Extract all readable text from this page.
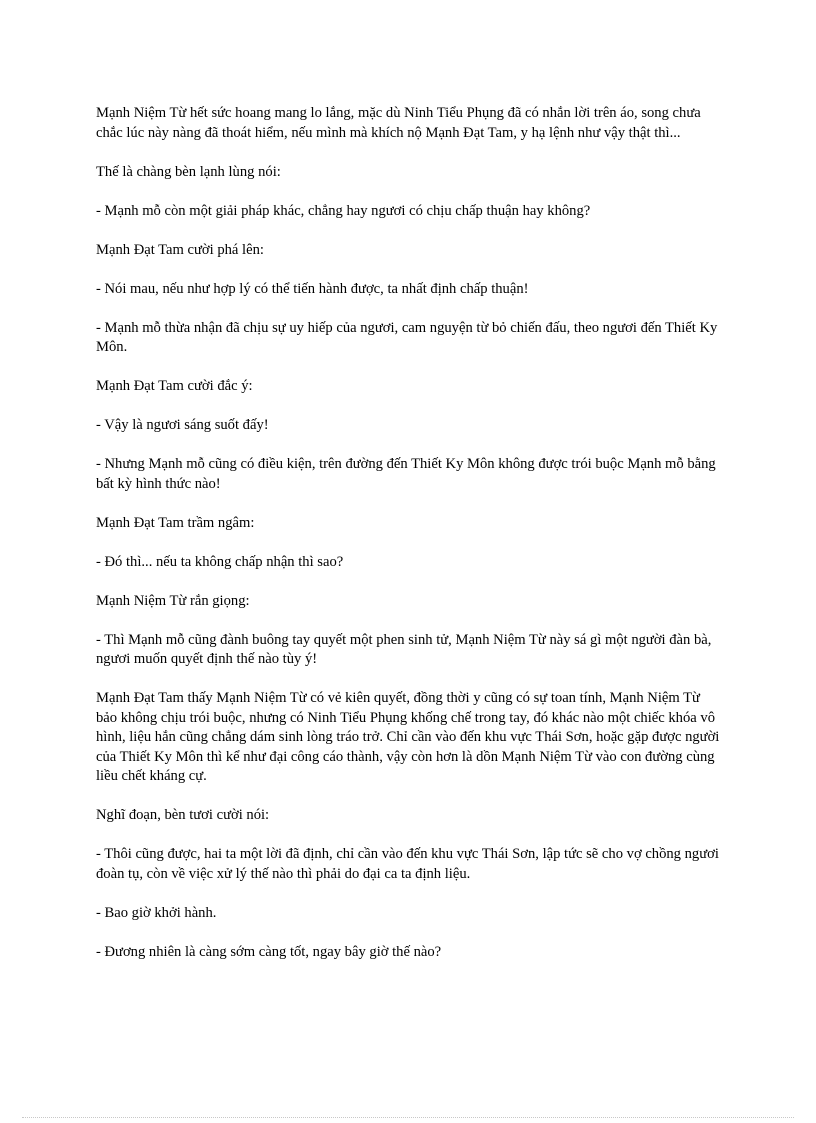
Mạnh Niệm Từ hết sức hoang mang lo lắng, mặc dù Ninh Tiểu Phụng đã có nhắn lời trên áo, song chưa chắc lúc này nàng đã thoát hiểm, nếu mình mà khích nộ Mạnh Đạt Tam, y hạ lệnh như vậy thật thì...

Thế là chàng bèn lạnh lùng nói:

- Mạnh mỗ còn một giải pháp khác, chẳng hay ngươi có chịu chấp thuận hay không?

Mạnh Đạt Tam cười phá lên:

- Nói mau, nếu như hợp lý có thể tiến hành được, ta nhất định chấp thuận!

- Mạnh mỗ thừa nhận đã chịu sự uy hiếp của ngươi, cam nguyện từ bỏ chiến đấu, theo ngươi đến Thiết Ky Môn.

Mạnh Đạt Tam cười đắc ý:

- Vậy là ngươi sáng suốt đấy!

- Nhưng Mạnh mỗ cũng có điều kiện, trên đường đến Thiết Ky Môn không được trói buộc Mạnh mỗ bằng bất kỳ hình thức nào!

Mạnh Đạt Tam trầm ngâm:

- Đó thì... nếu ta không chấp nhận thì sao?

Mạnh Niệm Từ rắn giọng:

- Thì Mạnh mỗ cũng đành buông tay quyết một phen sinh tử, Mạnh Niệm Từ này sá gì một người đàn bà, ngươi muốn quyết định thế nào tùy ý!

Mạnh Đạt Tam thấy Mạnh Niệm Từ có vẻ kiên quyết, đồng thời y cũng có sự toan tính, Mạnh Niệm Từ bảo không chịu trói buộc, nhưng có Ninh Tiểu Phụng khống chế trong tay, đó khác nào một chiếc khóa vô hình, liệu hắn cũng chẳng dám sinh lòng tráo trở. Chỉ cần vào đến khu vực Thái Sơn, hoặc gặp được người của Thiết Ky Môn thì kể như đại công cáo thành, vậy còn hơn là dồn Mạnh Niệm Từ vào con đường cùng liều chết kháng cự.

Nghĩ đoạn, bèn tươi cười nói:

- Thôi cũng được, hai ta một lời đã định, chỉ cần vào đến khu vực Thái Sơn, lập tức sẽ cho vợ chồng ngươi đoàn tụ, còn về việc xử lý thế nào thì phải do đại ca ta định liệu.

- Bao giờ khởi hành.

- Đương nhiên là càng sớm càng tốt, ngay bây giờ thế nào?
